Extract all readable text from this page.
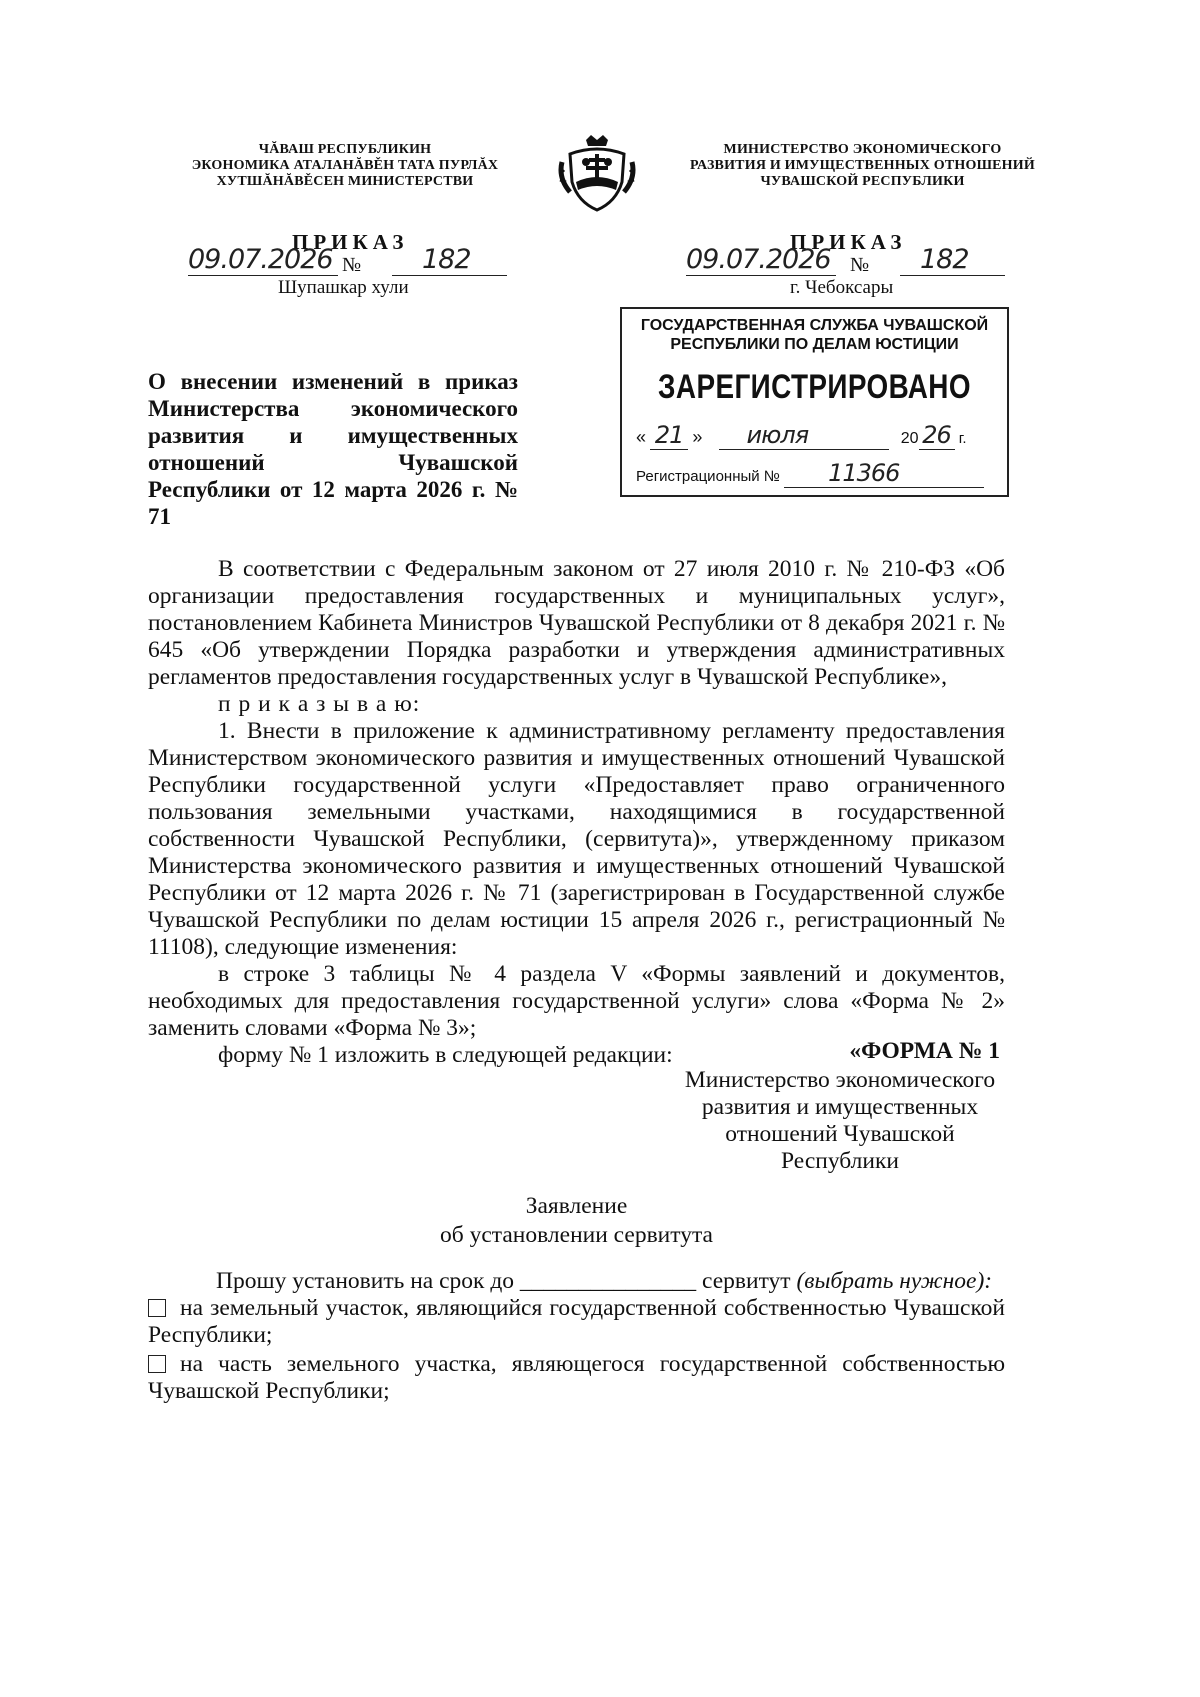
ЧĂВАШ РЕСПУБЛИКИН
ЭКОНОМИКА АТАЛАНĂВĚН ТАТА ПУРЛĂХ
ХУТШĂНĂВĚСЕН МИНИСТЕРСТВИ
МИНИСТЕРСТВО ЭКОНОМИЧЕСКОГО
РАЗВИТИЯ И ИМУЩЕСТВЕННЫХ ОТНОШЕНИЙ
ЧУВАШСКОЙ РЕСПУБЛИКИ
ПРИКАЗ
09.07.2026 №	182
Шупашкар хули
ПРИКАЗ
09.07.2026 №	182
г. Чебоксары
ГОСУДАРСТВЕННАЯ СЛУЖБА ЧУВАШСКОЙ
РЕСПУБЛИКИ ПО ДЕЛАМ ЮСТИЦИИ
ЗАРЕГИСТРИРОВАНО
« 21 » июля	20 26 г.
Регистрационный № 11366
О внесении изменений в приказ Министерства экономического развития и имущественных отношений Чувашской Республики от 12 марта 2026 г. № 71

В соответствии с Федеральным законом от 27 июля 2010 г. № 210-ФЗ «Об организации предоставления государственных и муниципальных услуг», постановлением Кабинета Министров Чувашской Республики от 8 декабря 2021 г. № 645 «Об утверждении Порядка разработки и утверждения административных регламентов предоставления государственных услуг в Чувашской Республике»,

п р и к а з ы в а ю:

1. Внести в приложение к административному регламенту предоставления Министерством экономического развития и имущественных отношений Чувашской Республики государственной услуги «Предоставляет право ограниченного пользования земельными участками, находящимися в государственной собственности Чувашской Республики, (сервитута)», утвержденному приказом Министерства экономического развития и имущественных отношений Чувашской Республики от 12 марта 2026 г. № 71 (зарегистрирован в Государственной службе Чувашской Республики по делам юстиции 15 апреля 2026 г., регистрационный № 11108), следующие изменения:

в строке 3 таблицы № 4 раздела V «Формы заявлений и документов, необходимых для предоставления государственной услуги» слова «Форма № 2» заменить словами «Форма № 3»;

форму № 1 изложить в следующей редакции:	«ФОРМА № 1
Министерство экономического
развития и имущественных
отношений Чувашской
Республики
Заявление
об установлении сервитута

Прошу установить на срок до _______________ сервитут (выбрать нужное):

на земельный участок, являющийся государственной собственностью Чувашской Республики;

на часть земельного участка, являющегося государственной собственностью Чувашской Республики;
